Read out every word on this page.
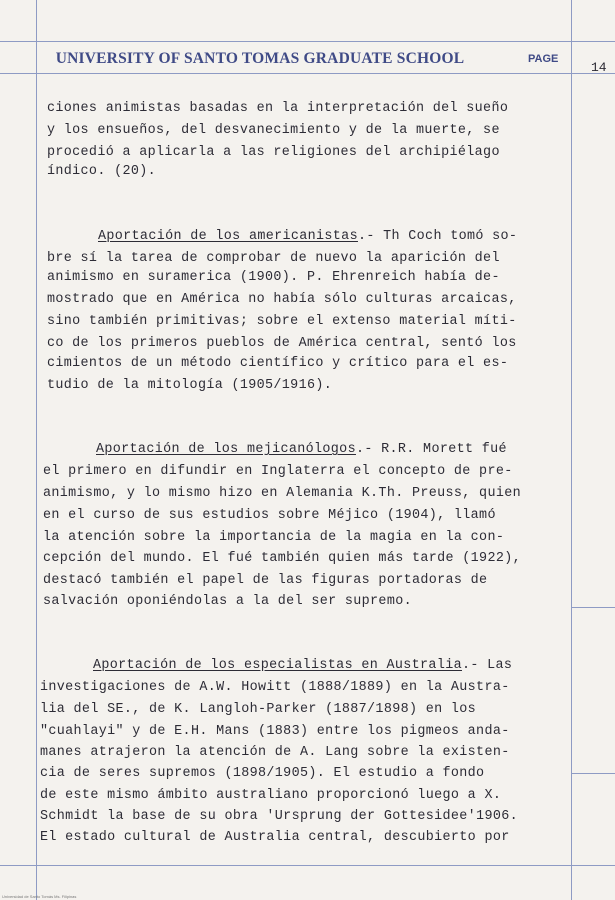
UNIVERSITY OF SANTO TOMAS GRADUATE SCHOOL	PAGE
14
ciones animistas basadas en la interpretación del sueño
y los ensueños, del desvanecimiento y de la muerte, se
procedió a aplicarla a las religiones del archipiélago
índico. (20).
Aportación de los americanistas.- Th Coch tomó so-
bre sí la tarea de comprobar de nuevo la aparición del
animismo en suramerica (1900). P. Ehrenreich había de-
mostrado que en América no había sólo culturas arcaicas,
sino también primitivas; sobre el extenso material míti-
co de los primeros pueblos de América central, sentó los
cimientos de un método científico y crítico para el es-
tudio de la mitología (1905/1916).
Aportación de los mejicanólogos.- R.R. Morett fué
el primero en difundir en Inglaterra el concepto de pre-
animismo, y lo mismo hizo en Alemania K.Th. Preuss, quien
en el curso de sus estudios sobre Méjico (1904), llamó
la atención sobre la importancia de la magia en la con-
cepción del mundo. El fué también quien más tarde (1922),
destacó también el papel de las figuras portadoras de
salvación oponiéndolas a la del ser supremo.
Aportación de los especialistas en Australia.- Las
investigaciones de A.W. Howitt (1888/1889) en la Austra-
lia del SE., de K. Langloh-Parker (1887/1898) en los
"cuahlayi" y de E.H. Mans (1883) entre los pigmeos anda-
manes atrajeron la atención de A. Lang sobre la existen-
cia de seres supremos (1898/1905). El estudio a fondo
de este mismo ámbito australiano proporcionó luego a X.
Schmidt la base de su obra 'Ursprung der Gottesidee'1906.
El estado cultural de Australia central, descubierto por
Universidad de Santo Tomás Ms. Filipinas
